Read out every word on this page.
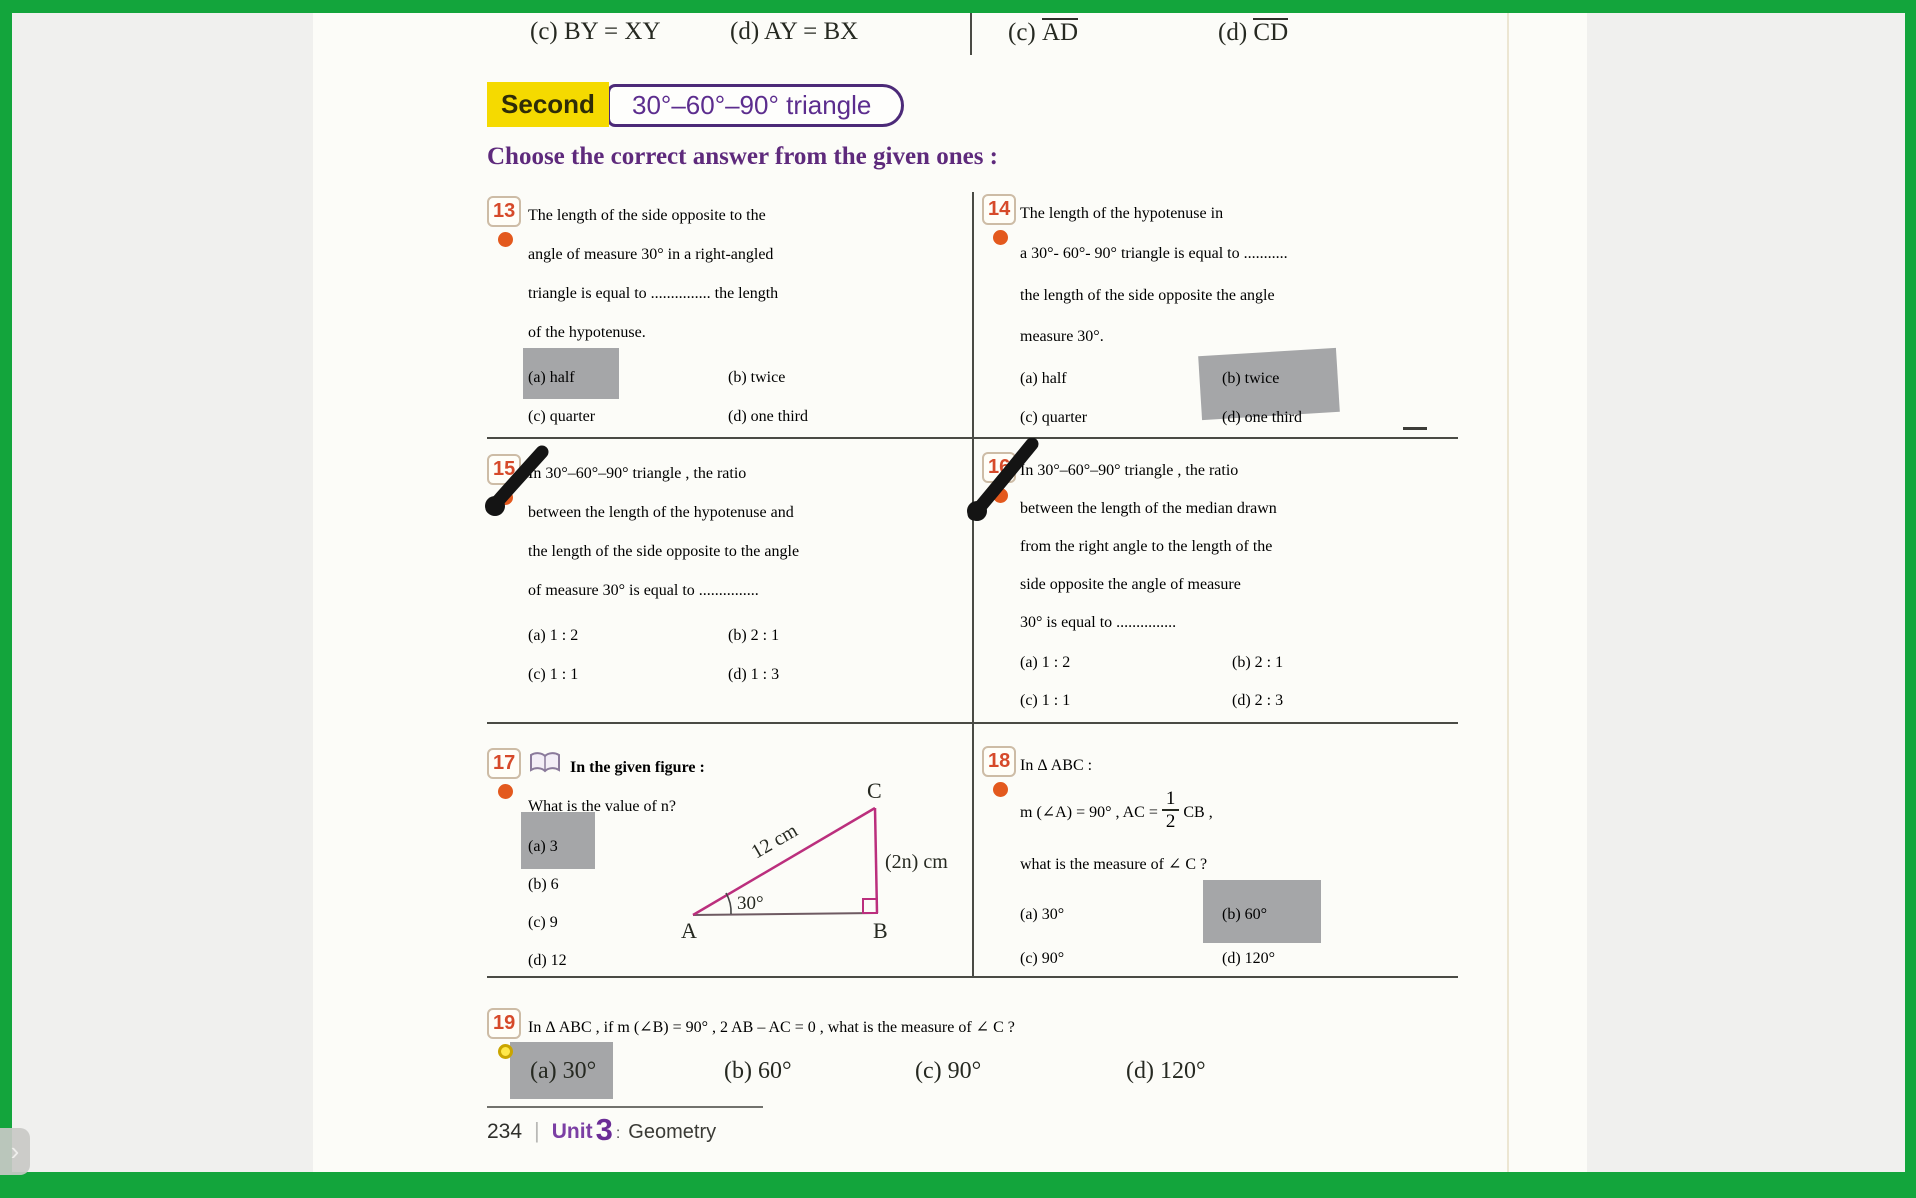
(c) BY = XY	(d) AY = BX	(c) AD	(d) CD
Second	30°–60°–90° triangle
Choose the correct answer from the given ones :
13 The length of the side opposite to the
angle of measure 30° in a right-angled
triangle is equal to ............... the length
of the hypotenuse.
(a) half	(b) twice
(c) quarter	(d) one third
14 The length of the hypotenuse in
a 30°- 60°- 90° triangle is equal to ...........
the length of the side opposite the angle
measure 30°.
(a) half	(b) twice
(c) quarter	(d) one third
15 In 30°–60°–90° triangle , the ratio
between the length of the hypotenuse and
the length of the side opposite to the angle
of measure 30° is equal to ...............
(a) 1 : 2	(b) 2 : 1
(c) 1 : 1	(d) 1 : 3
16 In 30°–60°–90° triangle , the ratio
between the length of the median drawn
from the right angle to the length of the
side opposite the angle of measure
30° is equal to ...............
(a) 1 : 2	(b) 2 : 1
(c) 1 : 1	(d) 2 : 3
17	In the given figure :
What is the value of n?
(a) 3
(b) 6
(c) 9
(d) 12
30°
A	B
C
12 cm	(2n) cm
18 In Δ ABC :
m (∠A) = 90° , AC = $\frac{1}{2}$ CB ,
what is the measure of ∠ C ?
(a) 30°	(b) 60°
(c) 90°	(d) 120°
19 In Δ ABC , if m (∠B) = 90° , 2 AB – AC = 0 , what is the measure of ∠ C ?
(a) 30°	(b) 60°	(c) 90°	(d) 120°
234 | Unit 3 : Geometry
›
